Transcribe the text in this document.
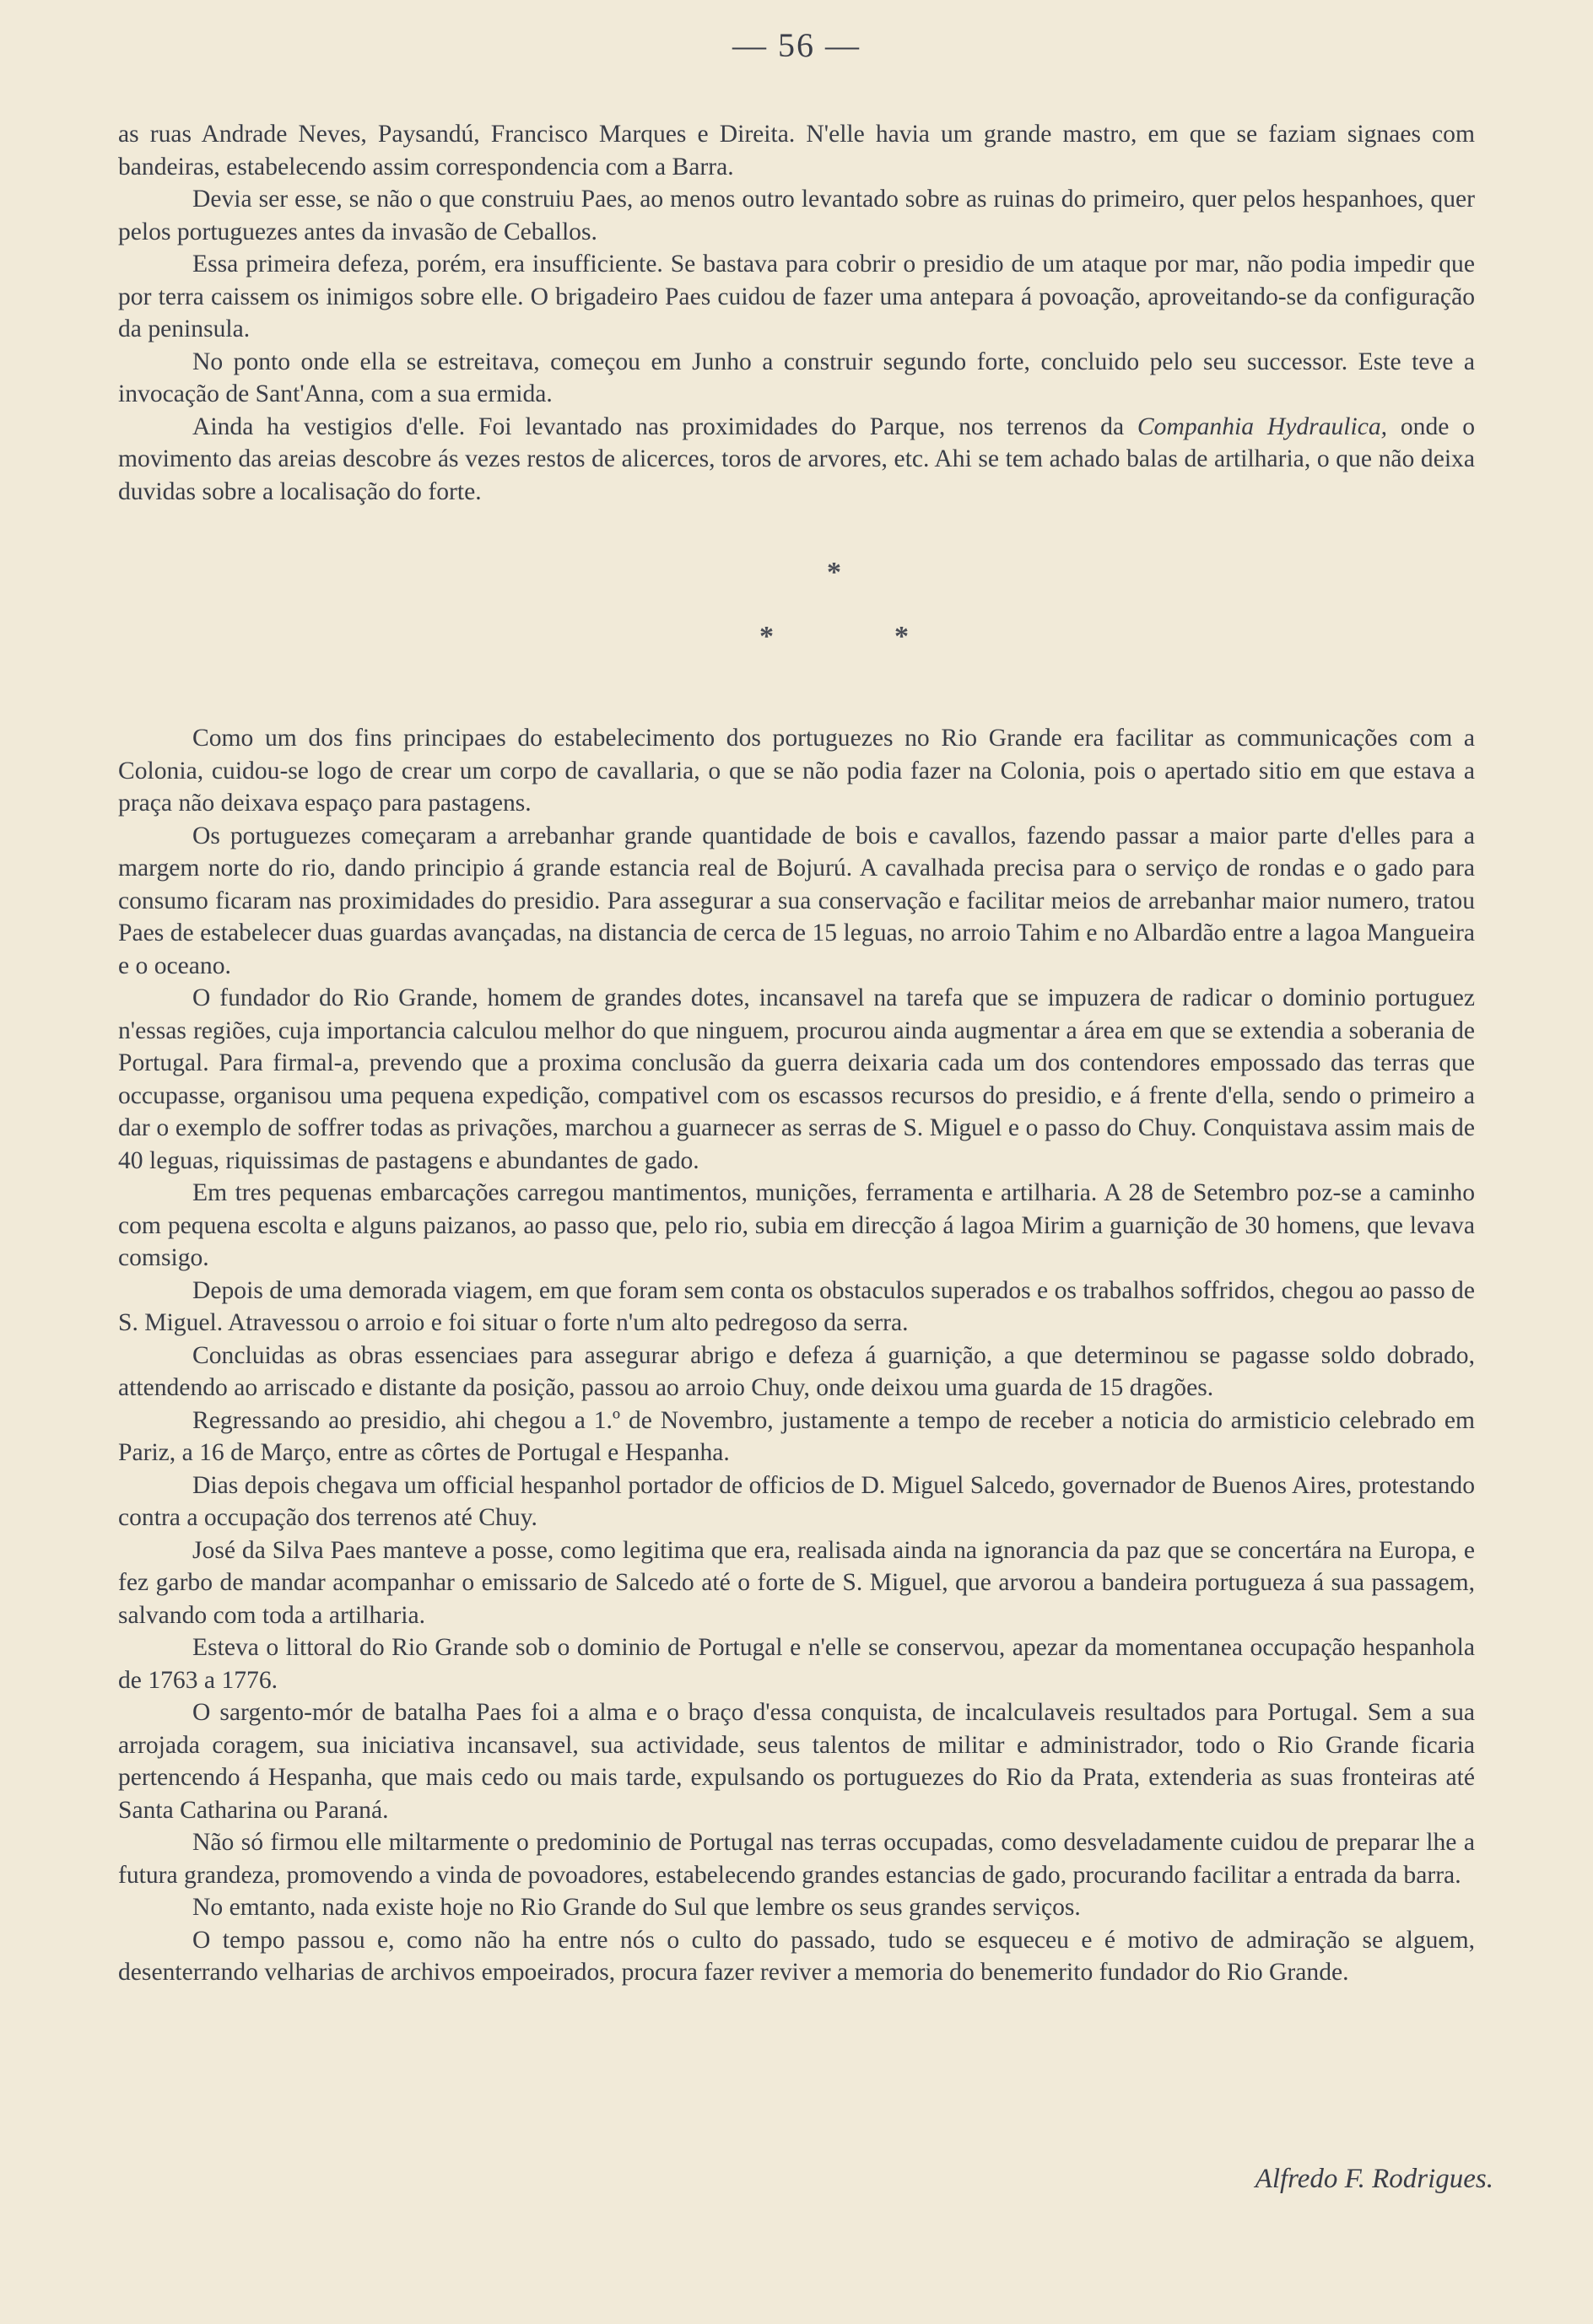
— 56 —

as ruas Andrade Neves, Paysandú, Francisco Marques e Direita. N'elle havia um grande mastro, em que se faziam signaes com bandeiras, estabelecendo assim correspondencia com a Barra.

Devia ser esse, se não o que construiu Paes, ao menos outro levantado sobre as ruinas do primeiro, quer pelos hespanhoes, quer pelos portuguezes antes da invasão de Ceballos.

Essa primeira defeza, porém, era insufficiente. Se bastava para cobrir o presidio de um ataque por mar, não podia impedir que por terra caissem os inimigos sobre elle. O brigadeiro Paes cuidou de fazer uma antepara á povoação, aproveitando-se da configuração da peninsula.

No ponto onde ella se estreitava, começou em Junho a construir segundo forte, concluido pelo seu successor. Este teve a invocação de Sant'Anna, com a sua ermida.

Ainda ha vestigios d'elle. Foi levantado nas proximidades do Parque, nos terrenos da Companhia Hydraulica, onde o movimento das areias descobre ás vezes restos de alicerces, toros de arvores, etc. Ahi se tem achado balas de artilharia, o que não deixa duvidas sobre a localisação do forte.

*
*	*

Como um dos fins principaes do estabelecimento dos portuguezes no Rio Grande era facilitar as communicações com a Colonia, cuidou-se logo de crear um corpo de cavallaria, o que se não podia fazer na Colonia, pois o apertado sitio em que estava a praça não deixava espaço para pastagens.

Os portuguezes começaram a arrebanhar grande quantidade de bois e cavallos, fazendo passar a maior parte d'elles para a margem norte do rio, dando principio á grande estancia real de Bojurú. A cavalhada precisa para o serviço de rondas e o gado para consumo ficaram nas proximidades do presidio. Para assegurar a sua conservação e facilitar meios de arrebanhar maior numero, tratou Paes de estabelecer duas guardas avançadas, na distancia de cerca de 15 leguas, no arroio Tahim e no Albardão entre a lagoa Mangueira e o oceano.

O fundador do Rio Grande, homem de grandes dotes, incansavel na tarefa que se impuzera de radicar o dominio portuguez n'essas regiões, cuja importancia calculou melhor do que ninguem, procurou ainda augmentar a área em que se extendia a soberania de Portugal. Para firmal-a, prevendo que a proxima conclusão da guerra deixaria cada um dos contendores empossado das terras que occupasse, organisou uma pequena expedição, compativel com os escassos recursos do presidio, e á frente d'ella, sendo o primeiro a dar o exemplo de soffrer todas as privações, marchou a guarnecer as serras de S. Miguel e o passo do Chuy. Conquistava assim mais de 40 leguas, riquissimas de pastagens e abundantes de gado.

Em tres pequenas embarcações carregou mantimentos, munições, ferramenta e artilharia. A 28 de Setembro poz-se a caminho com pequena escolta e alguns paizanos, ao passo que, pelo rio, subia em direcção á lagoa Mirim a guarnição de 30 homens, que levava comsigo.

Depois de uma demorada viagem, em que foram sem conta os obstaculos superados e os trabalhos soffridos, chegou ao passo de S. Miguel. Atravessou o arroio e foi situar o forte n'um alto pedregoso da serra.

Concluidas as obras essenciaes para assegurar abrigo e defeza á guarnição, a que determinou se pagasse soldo dobrado, attendendo ao arriscado e distante da posição, passou ao arroio Chuy, onde deixou uma guarda de 15 dragões.

Regressando ao presidio, ahi chegou a 1.º de Novembro, justamente a tempo de receber a noticia do armisticio celebrado em Pariz, a 16 de Março, entre as côrtes de Portugal e Hespanha.

Dias depois chegava um official hespanhol portador de officios de D. Miguel Salcedo, governador de Buenos Aires, protestando contra a occupação dos terrenos até Chuy.

José da Silva Paes manteve a posse, como legitima que era, realisada ainda na ignorancia da paz que se concertára na Europa, e fez garbo de mandar acompanhar o emissario de Salcedo até o forte de S. Miguel, que arvorou a bandeira portugueza á sua passagem, salvando com toda a artilharia.

Esteva o littoral do Rio Grande sob o dominio de Portugal e n'elle se conservou, apezar da momentanea occupação hespanhola de 1763 a 1776.

O sargento-mór de batalha Paes foi a alma e o braço d'essa conquista, de incalculaveis resultados para Portugal. Sem a sua arrojada coragem, sua iniciativa incansavel, sua actividade, seus talentos de militar e administrador, todo o Rio Grande ficaria pertencendo á Hespanha, que mais cedo ou mais tarde, expulsando os portuguezes do Rio da Prata, extenderia as suas fronteiras até Santa Catharina ou Paraná.

Não só firmou elle miltarmente o predominio de Portugal nas terras occupadas, como desveladamente cuidou de preparar lhe a futura grandeza, promovendo a vinda de povoadores, estabelecendo grandes estancias de gado, procurando facilitar a entrada da barra.

No emtanto, nada existe hoje no Rio Grande do Sul que lembre os seus grandes serviços.

O tempo passou e, como não ha entre nós o culto do passado, tudo se esqueceu e é motivo de admiração se alguem, desenterrando velharias de archivos empoeirados, procura fazer reviver a memoria do benemerito fundador do Rio Grande.

Alfredo F. Rodrigues.
